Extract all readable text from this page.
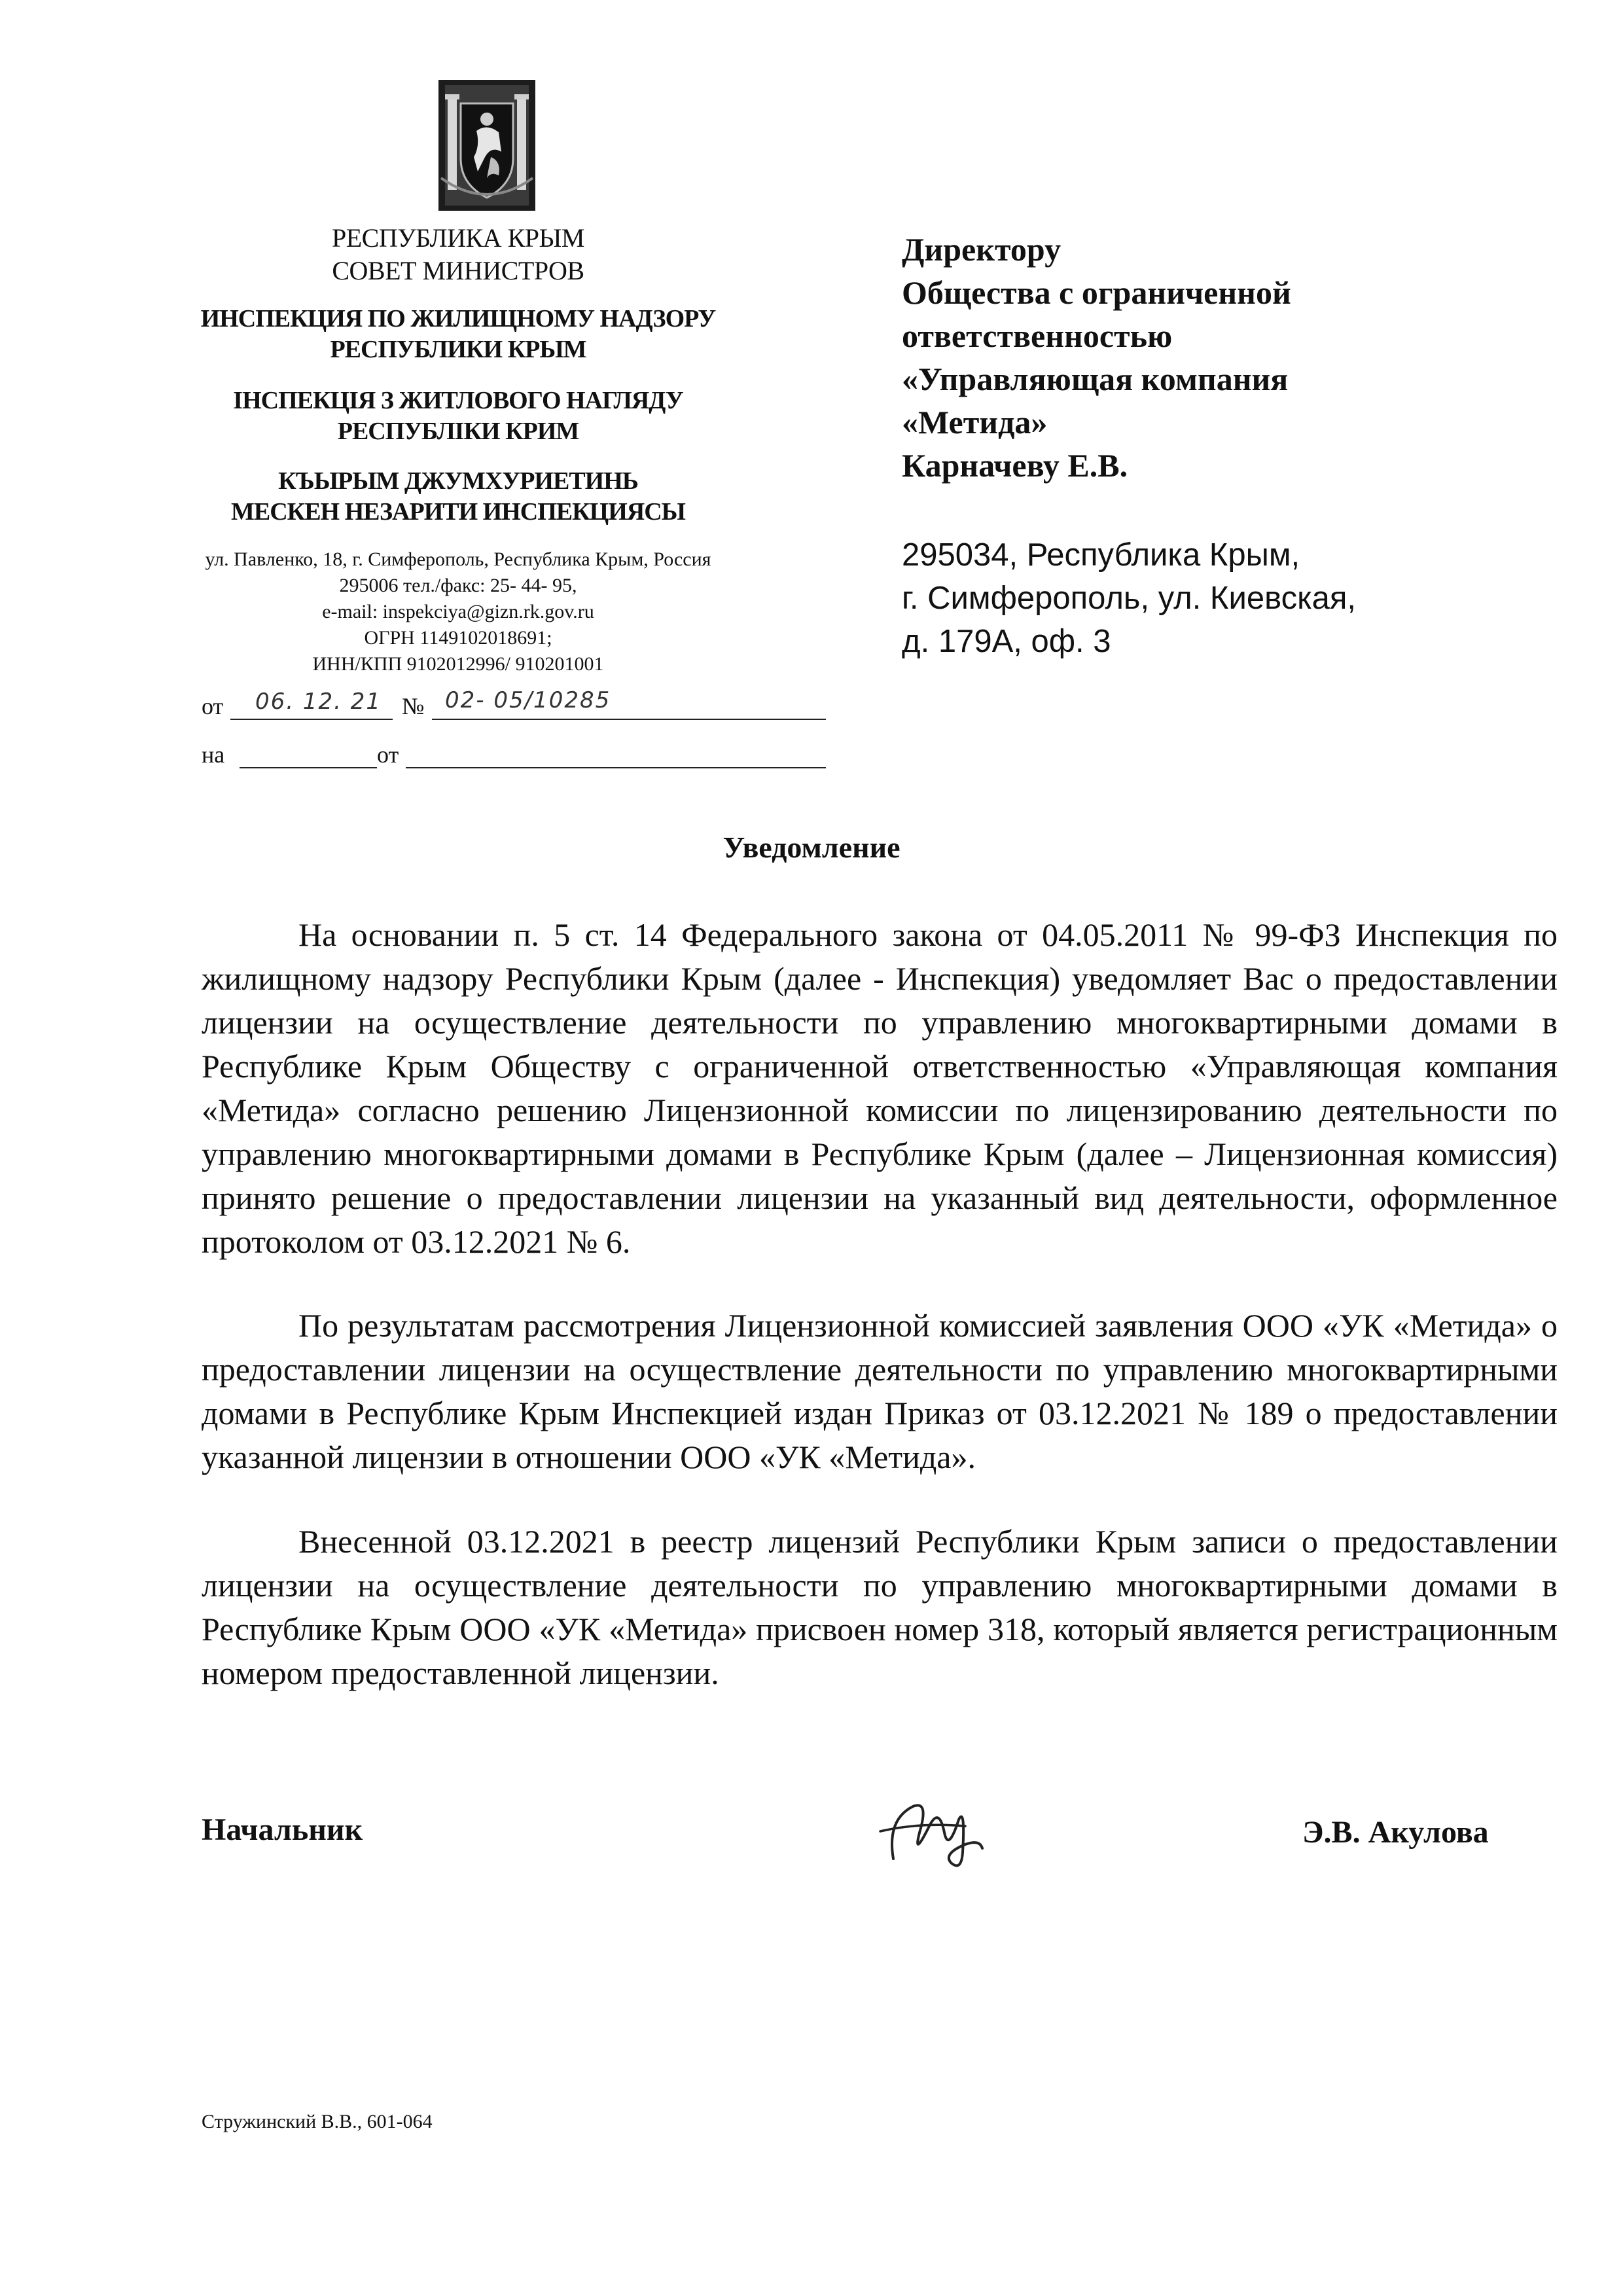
РЕСПУБЛИКА КРЫМ
СОВЕТ МИНИСТРОВ
ИНСПЕКЦИЯ ПО ЖИЛИЩНОМУ НАДЗОРУ
РЕСПУБЛИКИ КРЫМ
ІНСПЕКЦІЯ З ЖИТЛОВОГО НАГЛЯДУ
РЕСПУБЛІКИ КРИМ
КЪЫРЫМ ДЖУМХУРИЕТИНЬ
МЕСКЕН НЕЗАРИТИ ИНСПЕКЦИЯСЫ
ул. Павленко, 18, г. Симферополь, Республика Крым, Россия
295006 тел./факс: 25- 44- 95,
e-mail: inspekciya@gizn.rk.gov.ru
ОГРН 1149102018691;
ИНН/КПП 9102012996/ 910201001
от 06. 12. 21 № 02- 05/10285
на	от
Директору
Общества с ограниченной
ответственностью
«Управляющая компания
«Метида»
Карначеву Е.В.
295034, Республика Крым,
г. Симферополь, ул. Киевская,
д. 179А, оф. 3
Уведомление

На основании п. 5 ст. 14 Федерального закона от 04.05.2011 № 99-ФЗ Инспекция по жилищному надзору Республики Крым (далее - Инспекция) уведомляет Вас о предоставлении лицензии на осуществление деятельности по управлению многоквартирными домами в Республике Крым Обществу с ограниченной ответственностью «Управляющая компания «Метида» согласно решению Лицензионной комиссии по лицензированию деятельности по управлению многоквартирными домами в Республике Крым (далее – Лицензионная комиссия) принято решение о предоставлении лицензии на указанный вид деятельности, оформленное протоколом от 03.12.2021 № 6.

По результатам рассмотрения Лицензионной комиссией заявления ООО «УК «Метида» о предоставлении лицензии на осуществление деятельности по управлению многоквартирными домами в Республике Крым Инспекцией издан Приказ от 03.12.2021 № 189 о предоставлении указанной лицензии в отношении ООО «УК «Метида».

Внесенной 03.12.2021 в реестр лицензий Республики Крым записи о предоставлении лицензии на осуществление деятельности по управлению многоквартирными домами в Республике Крым ООО «УК «Метида» присвоен номер 318, который является регистрационным номером предоставленной лицензии.

Начальник	Э.В. Акулова
Стружинский В.В., 601-064
